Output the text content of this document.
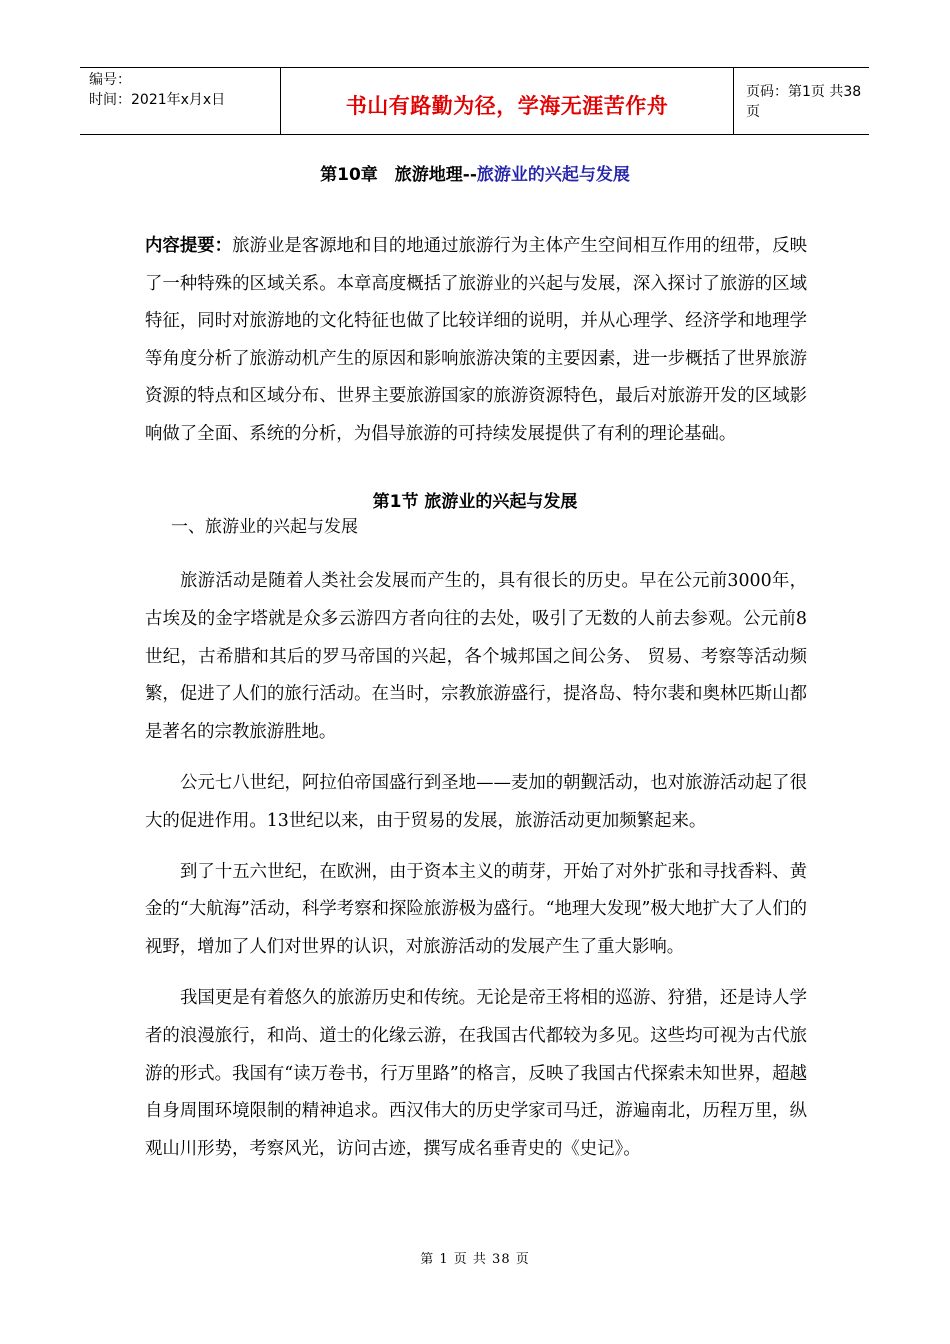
编号：
时间：2021年x月x日	书山有路勤为径，学海无涯苦作舟
页码：第1页 共38页
第10章　旅游地理--旅游业的兴起与发展
内容提要：旅游业是客源地和目的地通过旅游行为主体产生空间相互作用的纽带，反映了一种特殊的区域关系。本章高度概括了旅游业的兴起与发展，深入探讨了旅游的区域特征，同时对旅游地的文化特征也做了比较详细的说明，并从心理学、经济学和地理学等角度分析了旅游动机产生的原因和影响旅游决策的主要因素，进一步概括了世界旅游资源的特点和区域分布、世界主要旅游国家的旅游资源特色，最后对旅游开发的区域影响做了全面、系统的分析，为倡导旅游的可持续发展提供了有利的理论基础。
第1节 旅游业的兴起与发展
一、旅游业的兴起与发展

旅游活动是随着人类社会发展而产生的，具有很长的历史。早在公元前3000年，古埃及的金字塔就是众多云游四方者向往的去处，吸引了无数的人前去参观。公元前8世纪，古希腊和其后的罗马帝国的兴起，各个城邦国之间公务、 贸易、考察等活动频繁，促进了人们的旅行活动。在当时，宗教旅游盛行，提洛岛、特尔裴和奥林匹斯山都是著名的宗教旅游胜地。

公元七八世纪，阿拉伯帝国盛行到圣地——麦加的朝觐活动，也对旅游活动起了很大的促进作用。13世纪以来，由于贸易的发展，旅游活动更加频繁起来。

到了十五六世纪，在欧洲，由于资本主义的萌芽，开始了对外扩张和寻找香料、黄金的“大航海”活动，科学考察和探险旅游极为盛行。“地理大发现”极大地扩大了人们的视野，增加了人们对世界的认识，对旅游活动的发展产生了重大影响。

我国更是有着悠久的旅游历史和传统。无论是帝王将相的巡游、狩猎，还是诗人学者的浪漫旅行，和尚、道士的化缘云游，在我国古代都较为多见。这些均可视为古代旅游的形式。我国有“读万卷书，行万里路”的格言，反映了我国古代探索未知世界，超越自身周围环境限制的精神追求。西汉伟大的历史学家司马迁，游遍南北，历程万里，纵观山川形势，考察风光，访问古迹，撰写成名垂青史的《史记》。

第 1 页 共 38 页
